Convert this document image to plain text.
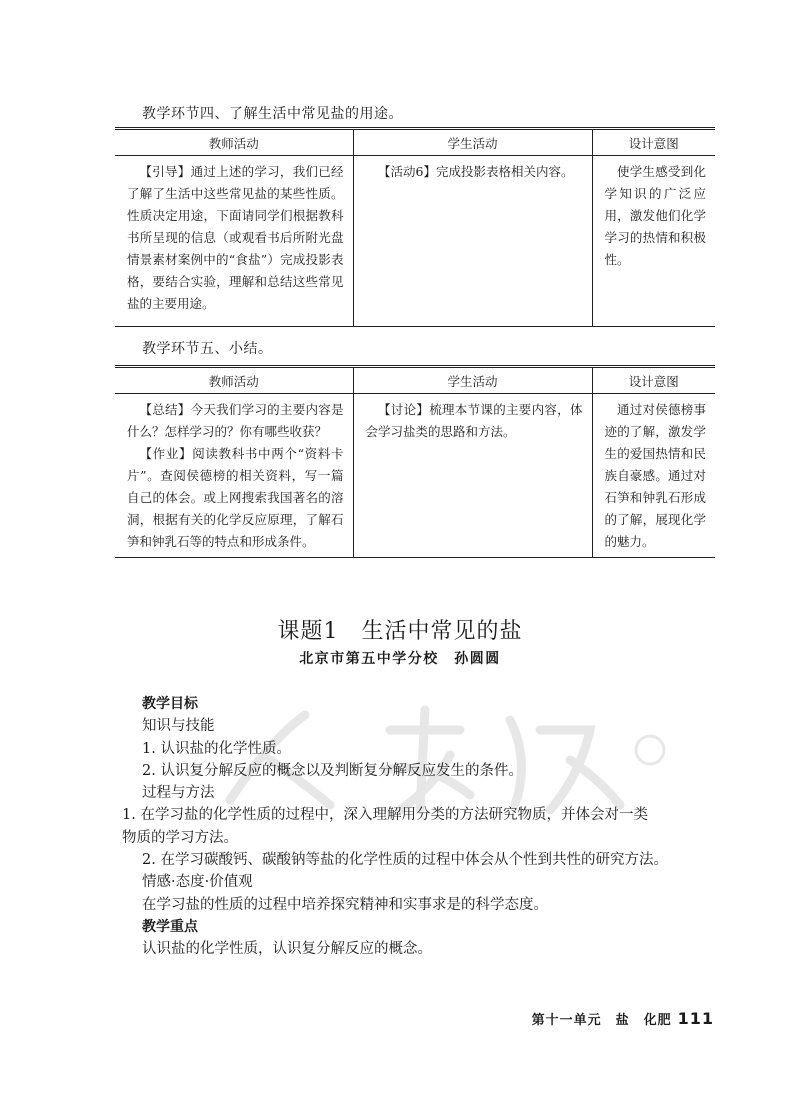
教学环节四、了解生活中常见盐的用途。
教师活动	学生活动	设计意图
【引导】通过上述的学习，我们已经了解了生活中这些常见盐的某些性质。性质决定用途，下面请同学们根据教科书所呈现的信息（或观看书后所附光盘情景素材案例中的“食盐”）完成投影表格，要结合实验，理解和总结这些常见盐的主要用途。	【活动6】完成投影表格相关内容。	使学生感受到化学知识的广泛应用，激发他们化学学习的热情和积极性。
教学环节五、小结。
教师活动	学生活动	设计意图

【总结】今天我们学习的主要内容是什么？怎样学习的？你有哪些收获？

【作业】阅读教科书中两个“资料卡片”。查阅侯德榜的相关资料，写一篇自己的体会。或上网搜索我国著名的溶洞，根据有关的化学反应原理，了解石笋和钟乳石等的特点和形成条件。	【讨论】梳理本节课的主要内容，体会学习盐类的思路和方法。	通过对侯德榜事迹的了解，激发学生的爱国热情和民族自豪感。通过对石笋和钟乳石形成的了解，展现化学的魅力。
课题1　生活中常见的盐
北京市第五中学分校　孙圆圆

教学目标

知识与技能

1. 认识盐的化学性质。

2. 认识复分解反应的概念以及判断复分解反应发生的条件。

过程与方法

1. 在学习盐的化学性质的过程中，深入理解用分类的方法研究物质，并体会对一类

物质的学习方法。

2. 在学习碳酸钙、碳酸钠等盐的化学性质的过程中体会从个性到共性的研究方法。

情感·态度·价值观

在学习盐的性质的过程中培养探究精神和实事求是的科学态度。

教学重点

认识盐的化学性质，认识复分解反应的概念。

第十一单元　盐　化肥 111
